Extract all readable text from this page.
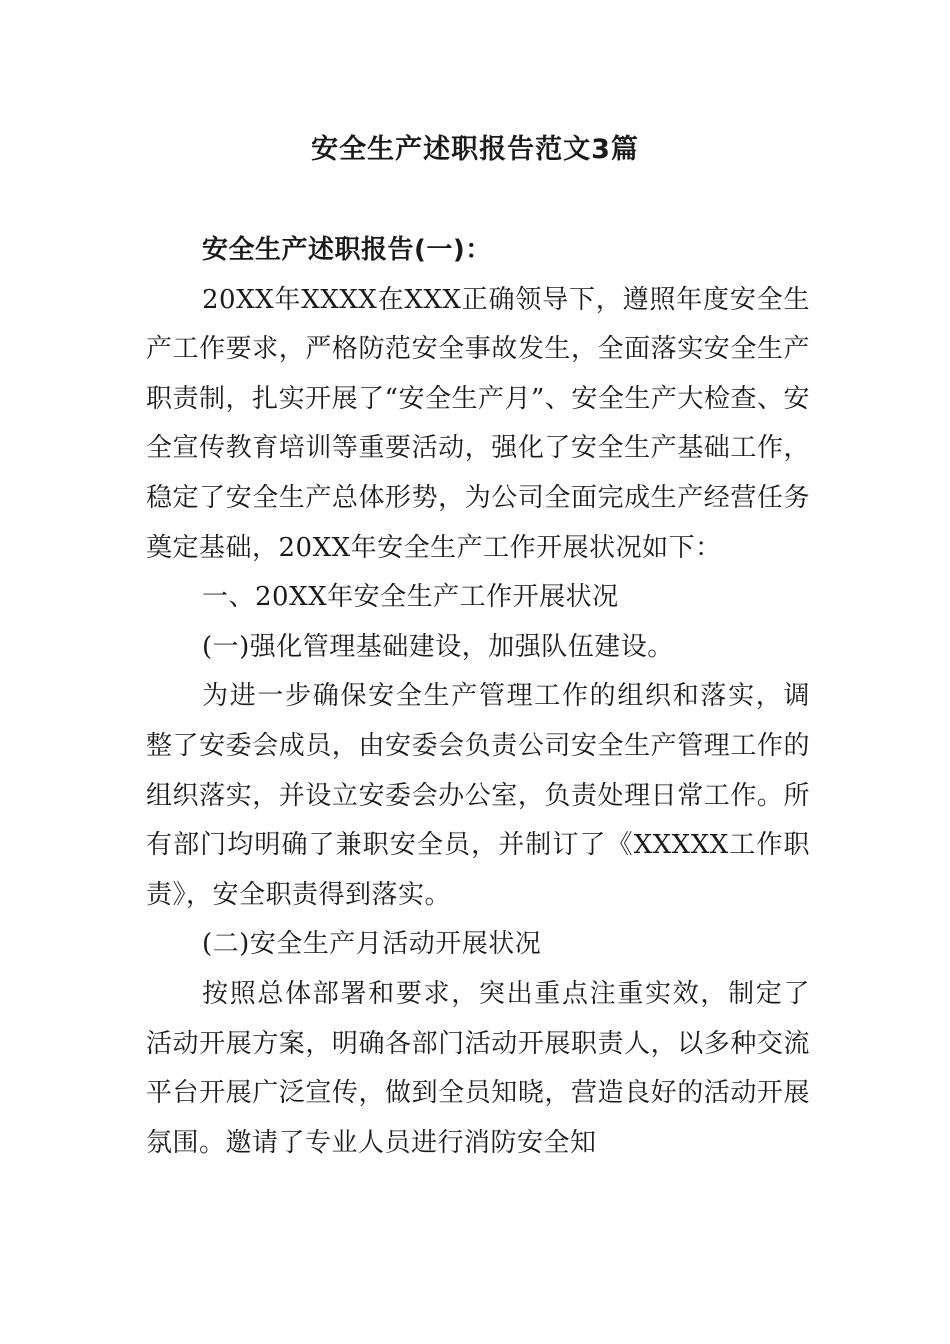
安全生产述职报告范文3篇

安全生产述职报告(一)：

20XX年XXXX在XXX正确领导下，遵照年度安全生产工作要求，严格防范安全事故发生，全面落实安全生产职责制，扎实开展了“安全生产月”、安全生产大检查、安全宣传教育培训等重要活动，强化了安全生产基础工作，稳定了安全生产总体形势，为公司全面完成生产经营任务奠定基础，20XX年安全生产工作开展状况如下：

一、20XX年安全生产工作开展状况

(一)强化管理基础建设，加强队伍建设。

为进一步确保安全生产管理工作的组织和落实，调整了安委会成员，由安委会负责公司安全生产管理工作的组织落实，并设立安委会办公室，负责处理日常工作。所有部门均明确了兼职安全员，并制订了《XXXXX工作职责》，安全职责得到落实。

(二)安全生产月活动开展状况

按照总体部署和要求，突出重点注重实效，制定了活动开展方案，明确各部门活动开展职责人，以多种交流平台开展广泛宣传，做到全员知晓，营造良好的活动开展氛围。邀请了专业人员进行消防安全知
